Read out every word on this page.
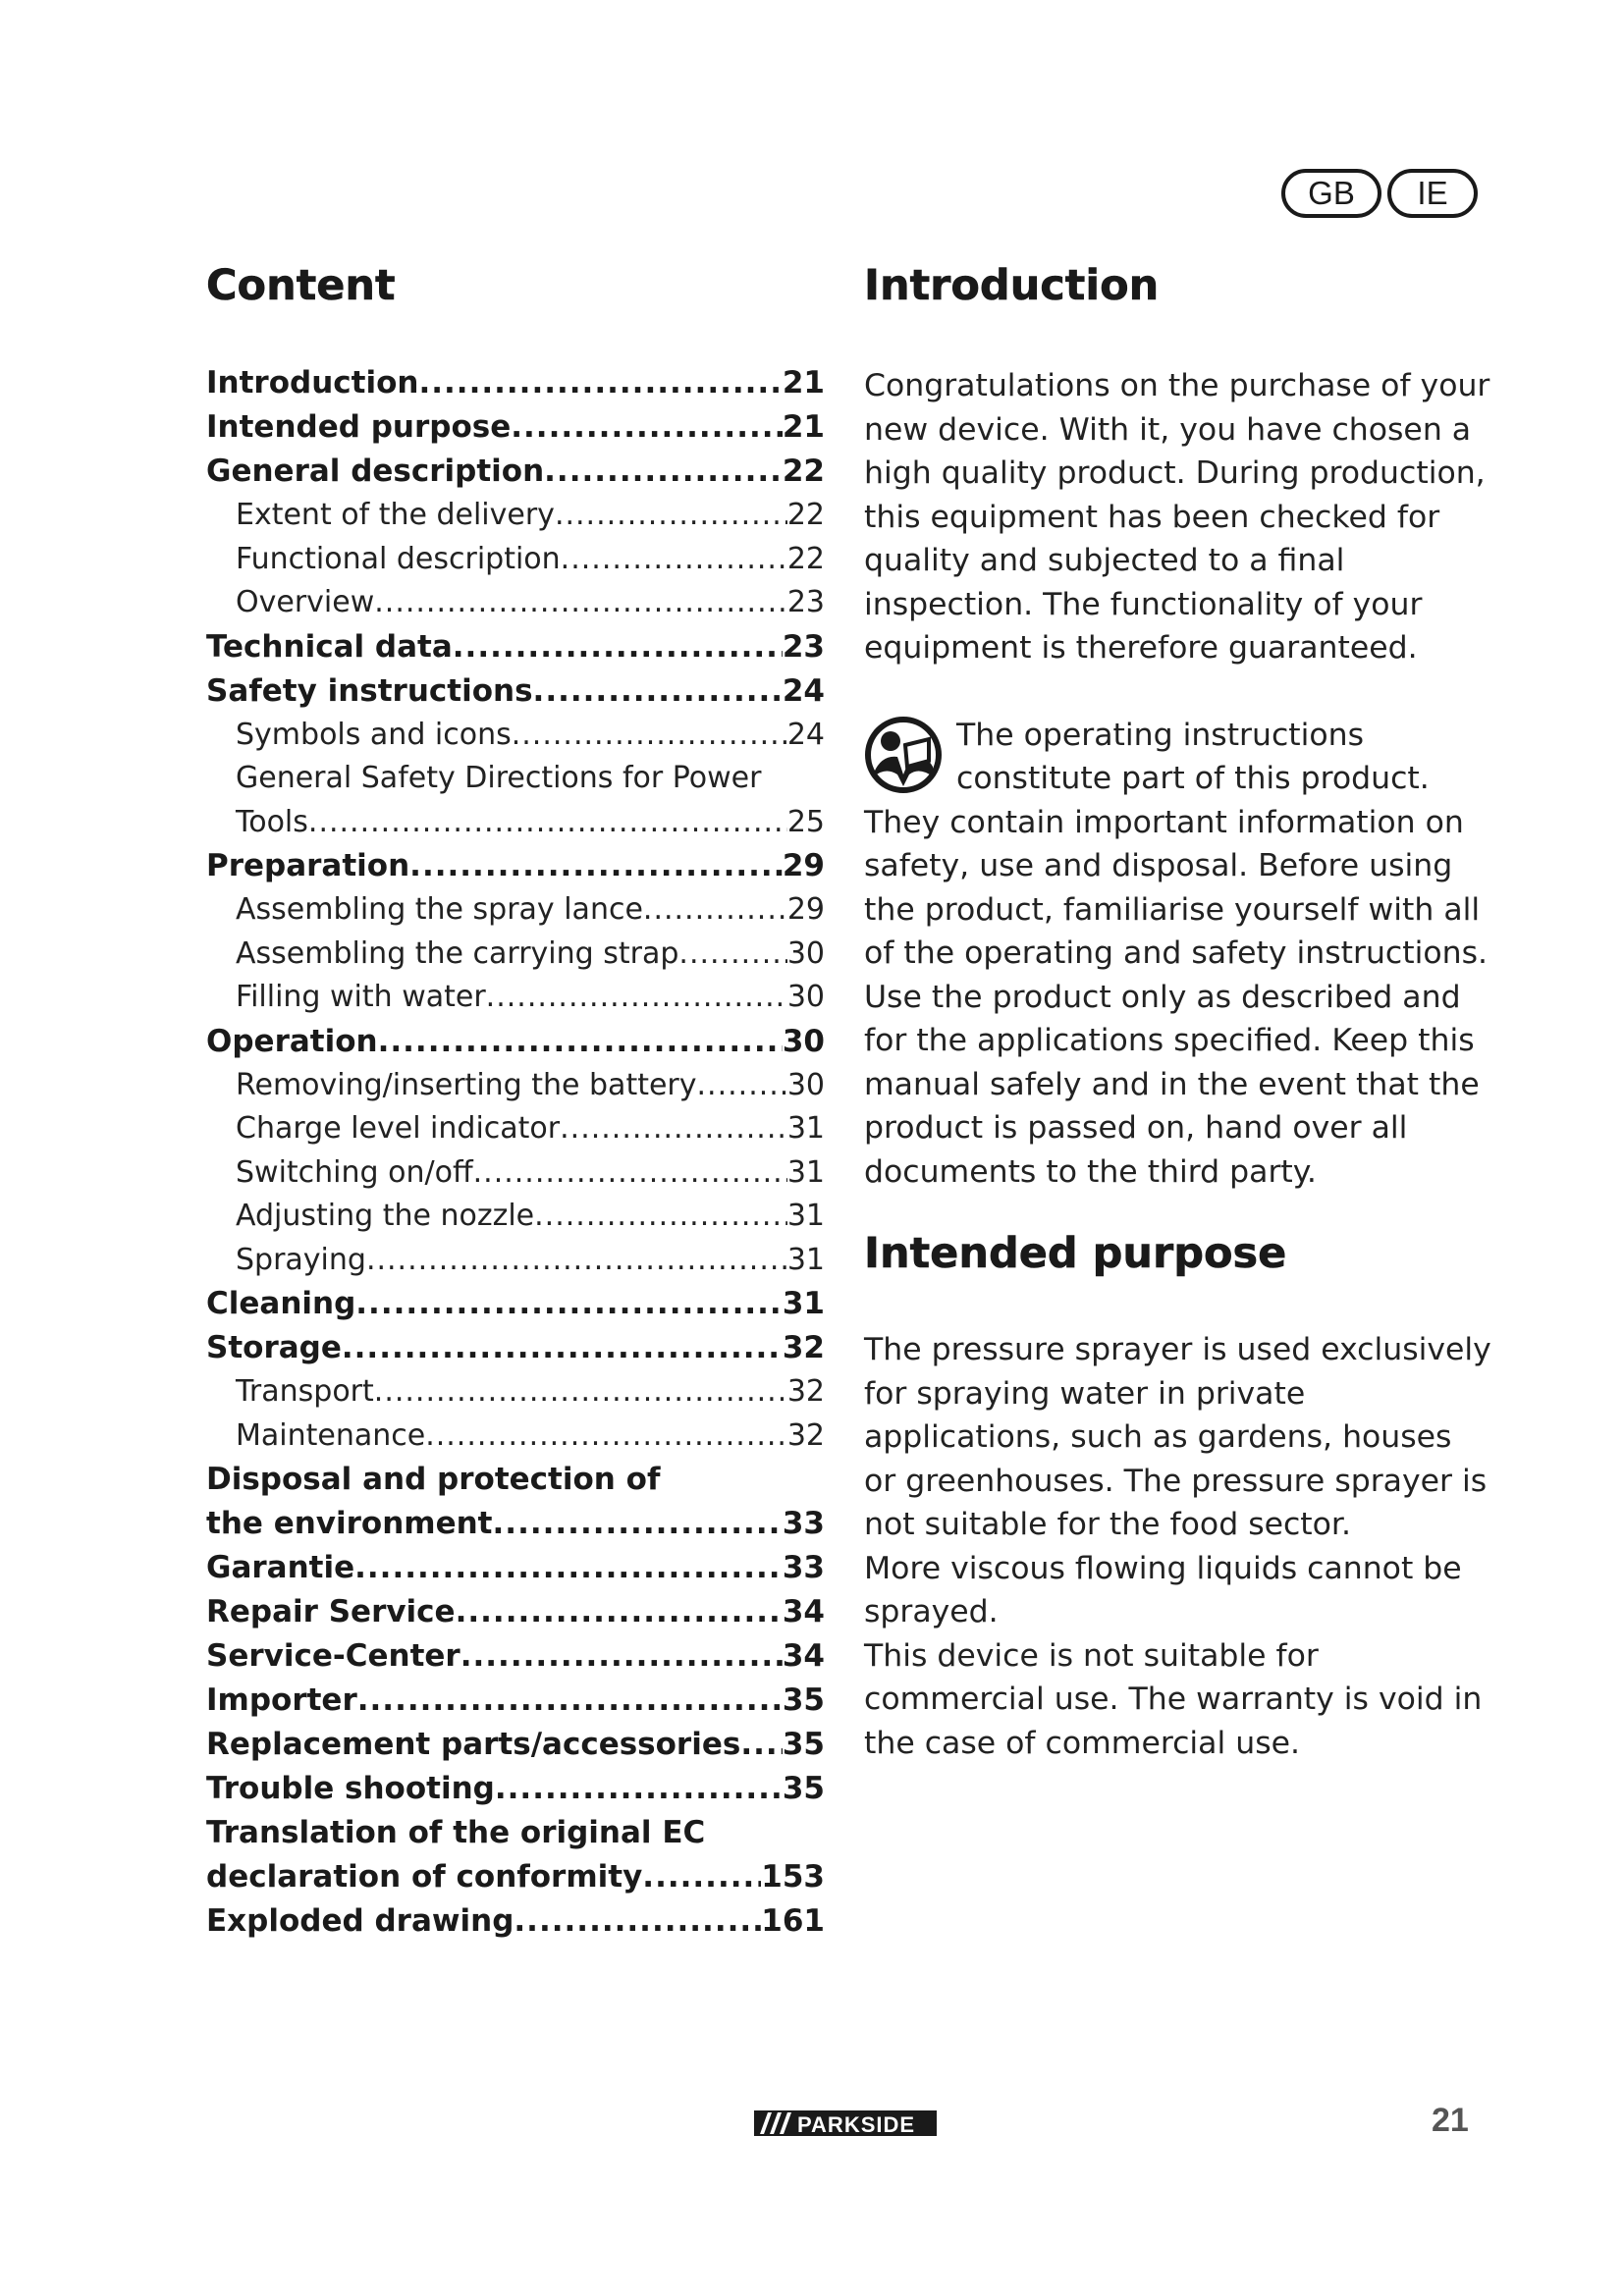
GB	IE
Content
Introduction .....	21
Intended purpose .....	21
General description .....	22
Extent of the delivery .....	22
Functional description .....	22
Overview .....	23
Technical data .....	23
Safety instructions .....	24
Symbols and icons .....	24
General Safety Directions for Power
Tools .....	25
Preparation .....	29
Assembling the spray lance .....	29
Assembling the carrying strap .....	30
Filling with water .....	30
Operation .....	30
Removing/inserting the battery .....	30
Charge level indicator .....	31
Switching on/off .....	31
Adjusting the nozzle .....	31
Spraying .....	31
Cleaning .....	31
Storage .....	32
Transport .....	32
Maintenance .....	32
Disposal and protection of
the environment .....	33
Garantie .....	33
Repair Service .....	34
Service-Center .....	34
Importer .....	35
Replacement parts/accessories ..... 35
Trouble shooting .....	35
Translation of the original EC
declaration of conformity .....	153
Exploded drawing .....	161
Introduction

Congratulations on the purchase of your new device. With it, you have chosen a high quality product. During production, this equipment has been checked for quality and subjected to a final inspection. The functionality of your equipment is therefore guaranteed.

The operating instructions constitute part of this product. They contain important information on safety, use and disposal. Before using the product, familiarise yourself with all of the operating and safety instructions. Use the product only as described and for the applications specified. Keep this manual safely and in the event that the product is passed on, hand over all documents to the third party.

Intended purpose

The pressure sprayer is used exclusively for spraying water in private applications, such as gardens, houses or greenhouses. The pressure sprayer is not suitable for the food sector.

More viscous flowing liquids cannot be sprayed.

This device is not suitable for commercial use. The warranty is void in the case of commercial use.

PARKSIDE	21
